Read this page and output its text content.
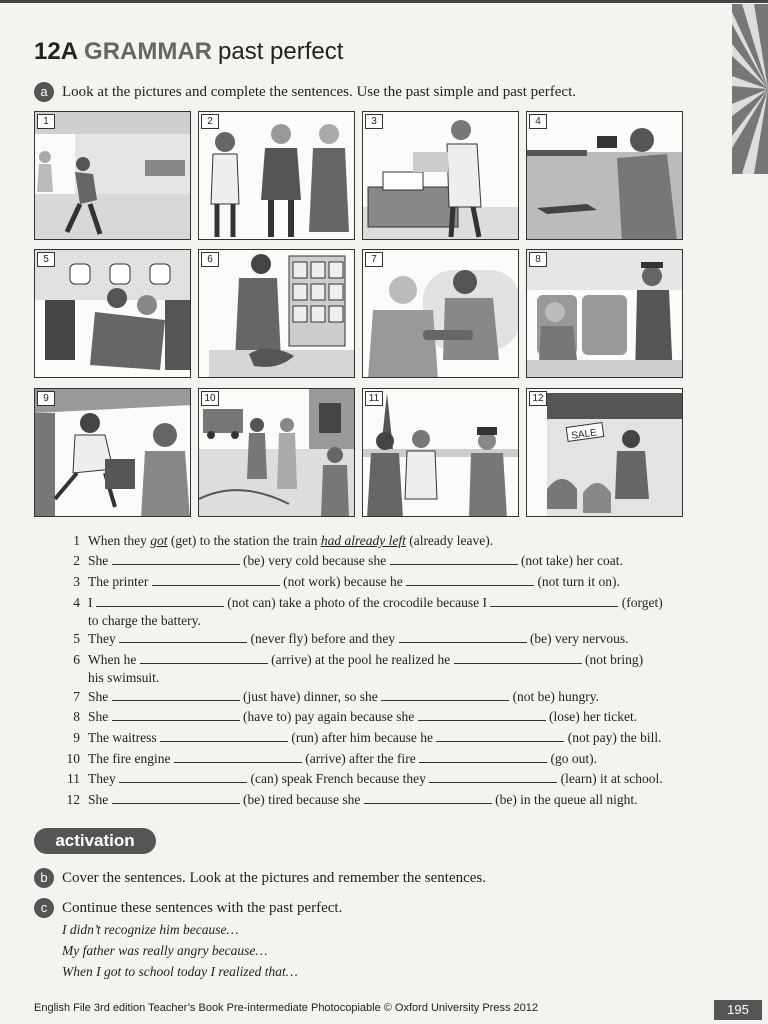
12A GRAMMAR past perfect
a Look at the pictures and complete the sentences. Use the past simple and past perfect.
1	2	3	4
5	6	7	8
9	10	11	12
SALE
1 When they got (get) to the station the train had already left (already leave).
2 She	(be) very cold because she	(not take) her coat.
3 The printer	(not work) because he	(not turn it on).
4 I	(not can) take a photo of the crocodile because I	(forget)
to charge the battery.
5 They	(never fly) before and they	(be) very nervous.
6 When he	(arrive) at the pool he realized he	(not bring)
his swimsuit.
7 She	(just have) dinner, so she	(not be) hungry.
8 She	(have to) pay again because she	(lose) her ticket.
9 The waitress	(run) after him because he	(not pay) the bill.
10 The fire engine	(arrive) after the fire	(go out).
11 They	(can) speak French because they	(learn) it at school.
12 She	(be) tired because she	(be) in the queue all night.
activation
b Cover the sentences. Look at the pictures and remember the sentences.
c Continue these sentences with the past perfect.
I didn’t recognize him because…
My father was really angry because…
When I got to school today I realized that…
English File 3rd edition Teacher’s Book Pre-intermediate Photocopiable © Oxford University Press 2012	195
